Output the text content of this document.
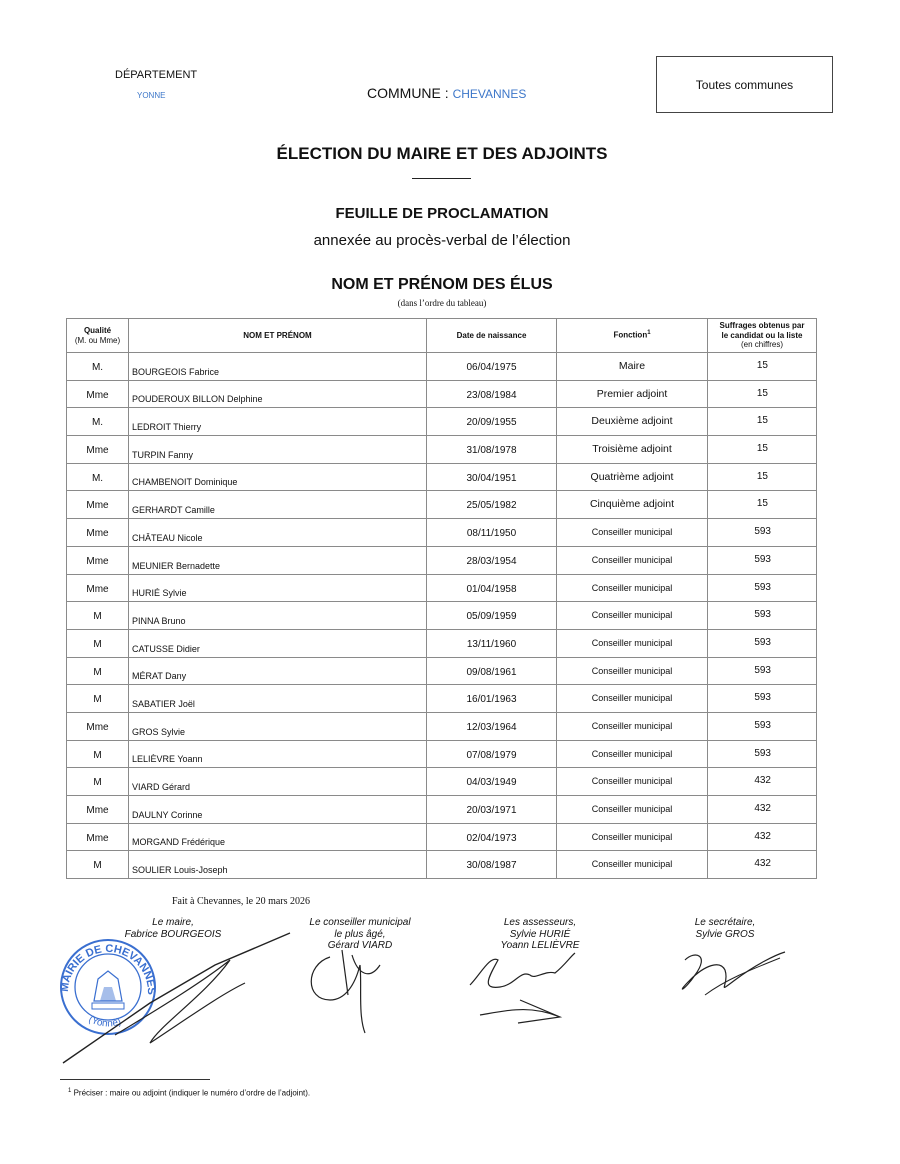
DÉPARTEMENT
YONNE	COMMUNE : CHEVANNES
Toutes communes
ÉLECTION DU MAIRE ET DES ADJOINTS
FEUILLE DE PROCLAMATION
annexée au procès-verbal de l’élection
NOM ET PRÉNOM DES ÉLUS
(dans l’ordre du tableau)
Qualité
(M. ou Mme)	NOM ET PRÉNOM	Date de naissance	Fonction$^1$	Suffrages obtenus par
le candidat ou la liste
(en chiffres)

M.	BOURGEOIS Fabrice	06/04/1975	Maire	15

Mme	POUDEROUX BILLON Delphine	23/08/1984	Premier adjoint	15

M.	LEDROIT Thierry	20/09/1955	Deuxième adjoint	15

Mme	TURPIN Fanny	31/08/1978	Troisième adjoint	15

M.	CHAMBENOIT Dominique	30/04/1951	Quatrième adjoint	15

Mme	GERHARDT Camille	25/05/1982	Cinquième adjoint	15

Mme	CHÂTEAU Nicole	08/11/1950	Conseiller municipal	593

Mme	MEUNIER Bernadette	28/03/1954	Conseiller municipal	593

Mme	HURIÉ Sylvie	01/04/1958	Conseiller municipal	593

M	PINNA Bruno	05/09/1959	Conseiller municipal	593

M	CATUSSE Didier	13/11/1960	Conseiller municipal	593

M	MÉRAT Dany	09/08/1961	Conseiller municipal	593

M	SABATIER Joël	16/01/1963	Conseiller municipal	593

Mme	GROS Sylvie	12/03/1964	Conseiller municipal	593

M	LELIÈVRE Yoann	07/08/1979	Conseiller municipal	593

M	VIARD Gérard	04/03/1949	Conseiller municipal	432

Mme	DAULNY Corinne	20/03/1971	Conseiller municipal	432

Mme	MORGAND Frédérique	02/04/1973	Conseiller municipal	432

M	SOULIER Louis-Joseph	30/08/1987	Conseiller municipal	432
Fait à Chevannes, le 20 mars 2026
Le maire,
Fabrice BOURGEOIS
Le conseiller municipal
le plus âgé,
Gérard VIARD
Les assesseurs,
Sylvie HURIÉ
Yoann LELIÈVRE
Le secrétaire,
Sylvie GROS
MAIRIE DE CHEVANNES
(Yonne)
$^1$ Préciser : maire ou adjoint (indiquer le numéro d’ordre de l’adjoint).
